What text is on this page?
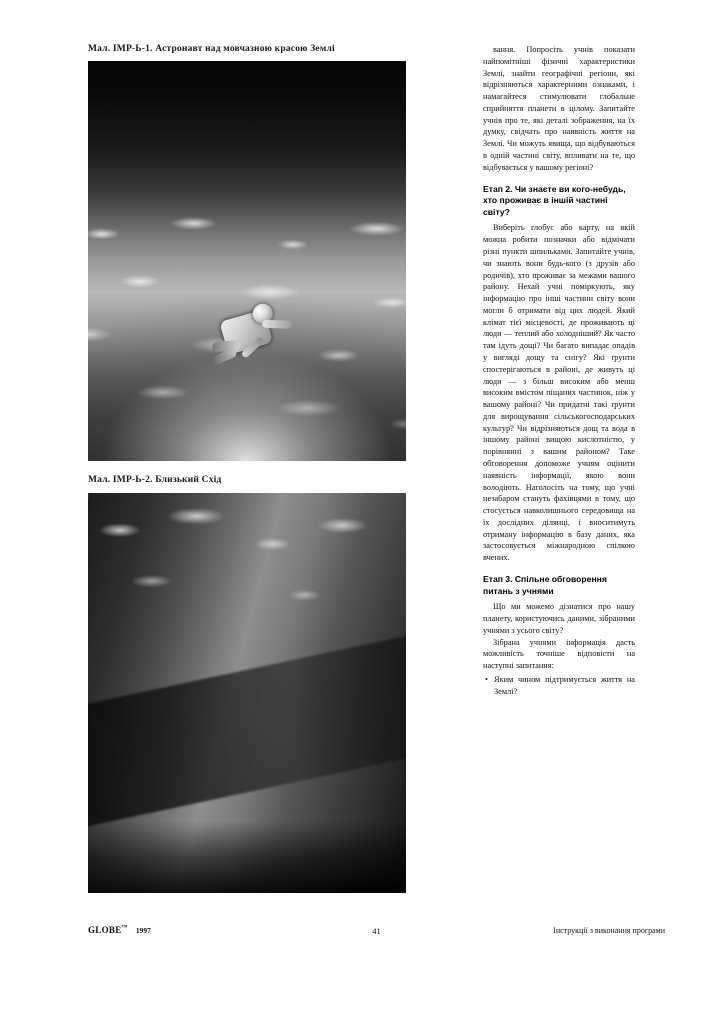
Мал. IMP-Ь-1. Астронавт над мовчазною красою Землі
Мал. IMP-Ь-2. Близький Схід

вання. Попросіть учнів показати найпомітніші фізичні характеристики Землі, знайти географічні регіони, які відрізняються характерними ознаками, і намагайтеся стимулювати глобальне сприйняття планети в цілому. Запитайте учнів про те, які деталі зображення, на їх думку, свідчать про наявність життя на Землі. Чи можуть явища, що відбуваються в одній частині світу, впливати на те, що відбувається у вашому регіоні?

Етап 2. Чи знаєте ви кого-небудь, хто проживає в іншій частині світу?

Виберіть глобус або карту, на якій можна робити позначки або відмічати різні пункти шпильками. Запитайте учнів, чи знають вони будь-кого (з друзів або родичів), хто проживає за межами вашого району. Нехай учні поміркують, яку інформацію про інші частини світу вони могли б отримати від цих людей. Який клімат тієї місцевості, де проживають ці люди — теплий або холодніший? Як часто там ідуть дощі? Чи багато випадає опадів у вигляді дощу та снігу? Які ґрунти спостерігаються в районі, де живуть ці люди — з більш високим або менш високим вмістом піщаних частинок, ніж у вашому районі? Чи придатні такі ґрунти для вирощування сільськогосподарських культур? Чи відрізняються дощ та вода в іншому районі вищою кислотністю, у порівнянні з вашим районом? Таке обговорення допоможе учням оцінити наявність інформації, якою вони володіють. Наголосіть на тому, що учні незабаром стануть фахівцями в тому, що стосується навколишнього середовища на їх дослідних ділянці, і вноситимуть отриману інформацію в базу даних, яка застосовується міжнародною спілкою вчених.

Етап 3. Спільне обговорення питань з учнями

Що ми можемо дізнатися про нашу планету, користуючись даними, зібраними учнями з усього світу?

Зібрана учнями інформація дасть можливість точніше відповісти на наступні запитання:

• Яким чином підтримується життя на Землі?
GLOBE™ 1997	41	Інструкції з виконання програми
